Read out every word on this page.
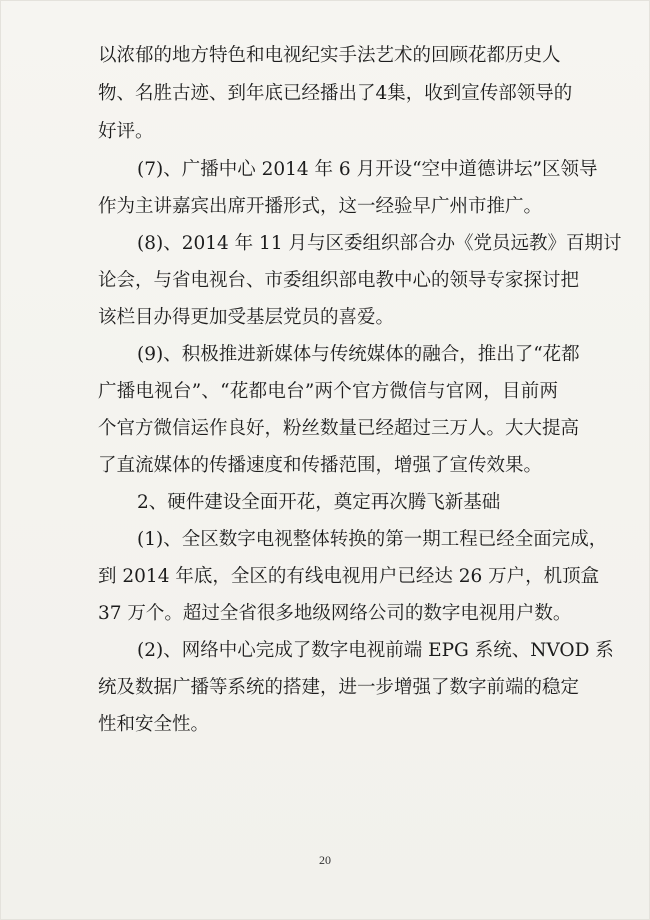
以浓郁的地方特色和电视纪实手法艺术的回顾花都历史人
物、名胜古迹、到年底已经播出了4集，收到宣传部领导的
好评。
(7)、广播中心 2014 年 6 月开设“空中道德讲坛”区领导
作为主讲嘉宾出席开播形式，这一经验早广州市推广。
(8)、2014 年 11 月与区委组织部合办《党员远教》百期讨
论会，与省电视台、市委组织部电教中心的领导专家探讨把
该栏目办得更加受基层党员的喜爱。
(9)、积极推进新媒体与传统媒体的融合，推出了“花都
广播电视台”、“花都电台”两个官方微信与官网，目前两
个官方微信运作良好，粉丝数量已经超过三万人。大大提高
了直流媒体的传播速度和传播范围，增强了宣传效果。
2、硬件建设全面开花，奠定再次腾飞新基础
(1)、全区数字电视整体转换的第一期工程已经全面完成，
到 2014 年底，全区的有线电视用户已经达 26 万户，机顶盒
37 万个。超过全省很多地级网络公司的数字电视用户数。
(2)、网络中心完成了数字电视前端 EPG 系统、NVOD 系
统及数据广播等系统的搭建，进一步增强了数字前端的稳定
性和安全性。
20
